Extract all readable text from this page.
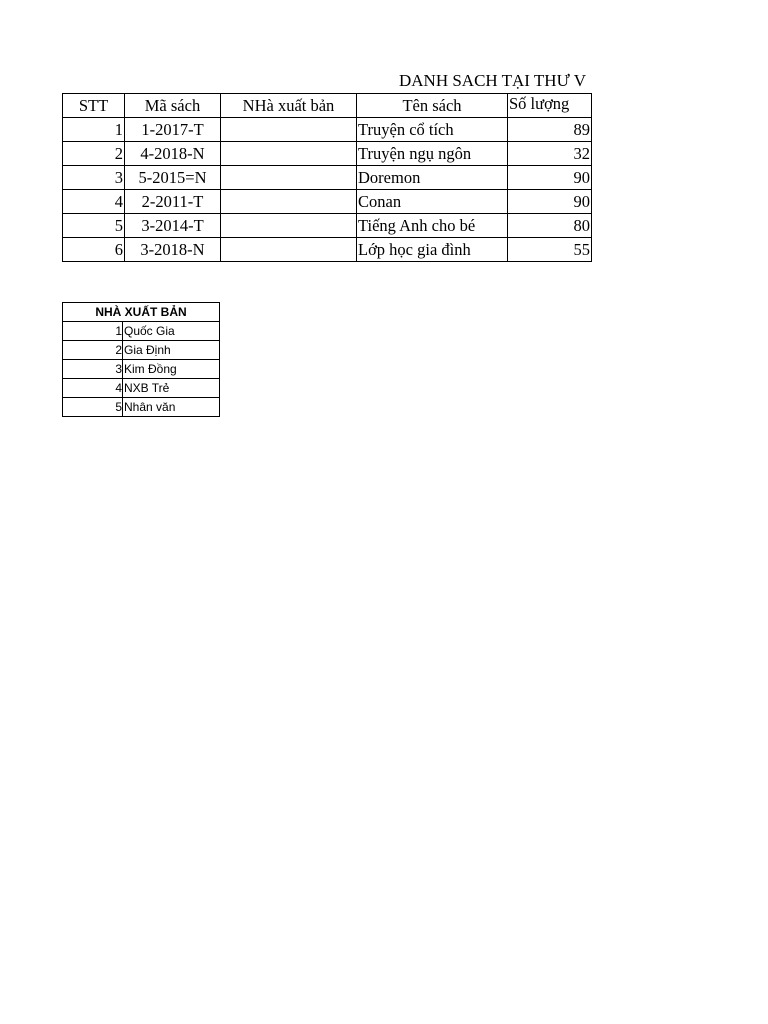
DANH SACH TẠI THƯ V
STT	Mã sách	NHà xuất bản	Tên sách	Số lượng
1	1-2017-T		Truyện cổ tích	89
2	4-2018-N		Truyện ngụ ngôn	32
3	5-2015=N		Doremon	90
4	2-2011-T		Conan	90
5	3-2014-T		Tiếng Anh cho bé	80
6	3-2018-N		Lớp học gia đình	55
NHÀ XUẤT BẢN	
1	Quốc Gia
2	Gia Định
3	Kim Đồng
4	NXB Trẻ
5	Nhân văn
